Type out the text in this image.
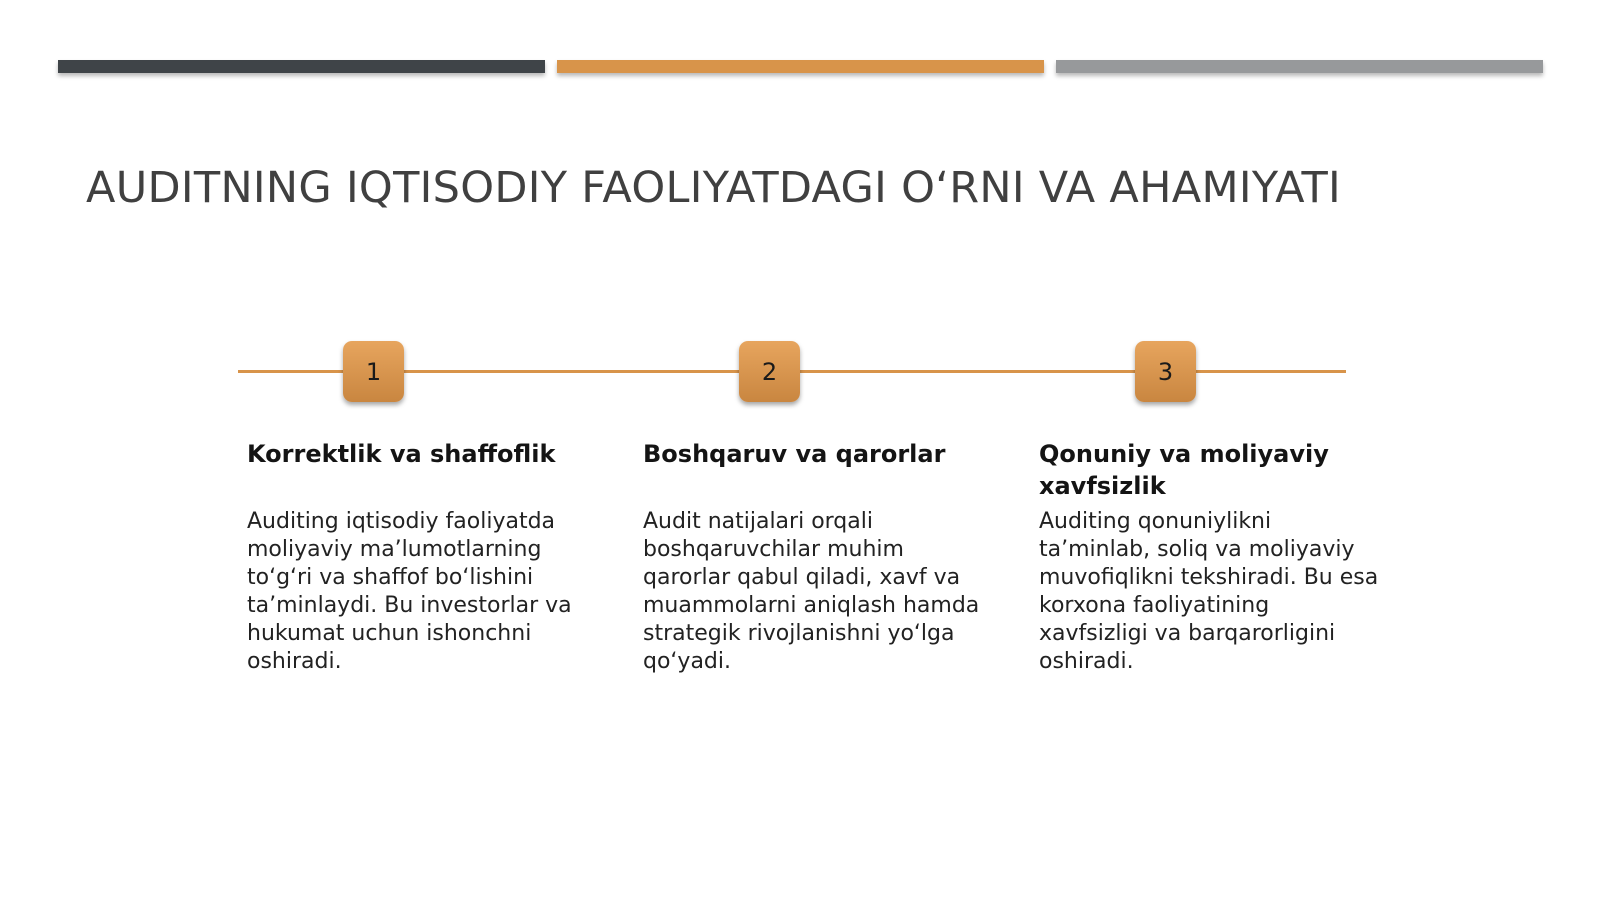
AUDITNING IQTISODIY FAOLIYATDAGI O‘RNI VA AHAMIYATI
1	2	3

Korrektlik va shaffoflik

Auditing iqtisodiy faoliyatda moliyaviy ma’lumotlarning to‘g‘ri va shaffof bo‘lishini ta’minlaydi. Bu investorlar va hukumat uchun ishonchni oshiradi.

Boshqaruv va qarorlar

Audit natijalari orqali boshqaruvchilar muhim qarorlar qabul qiladi, xavf va muammolarni aniqlash hamda strategik rivojlanishni yo‘lga qo‘yadi.

Qonuniy va moliyaviy xavfsizlik

Auditing qonuniylikni ta’minlab, soliq va moliyaviy muvofiqlikni tekshiradi. Bu esa korxona faoliyatining xavfsizligi va barqarorligini oshiradi.
